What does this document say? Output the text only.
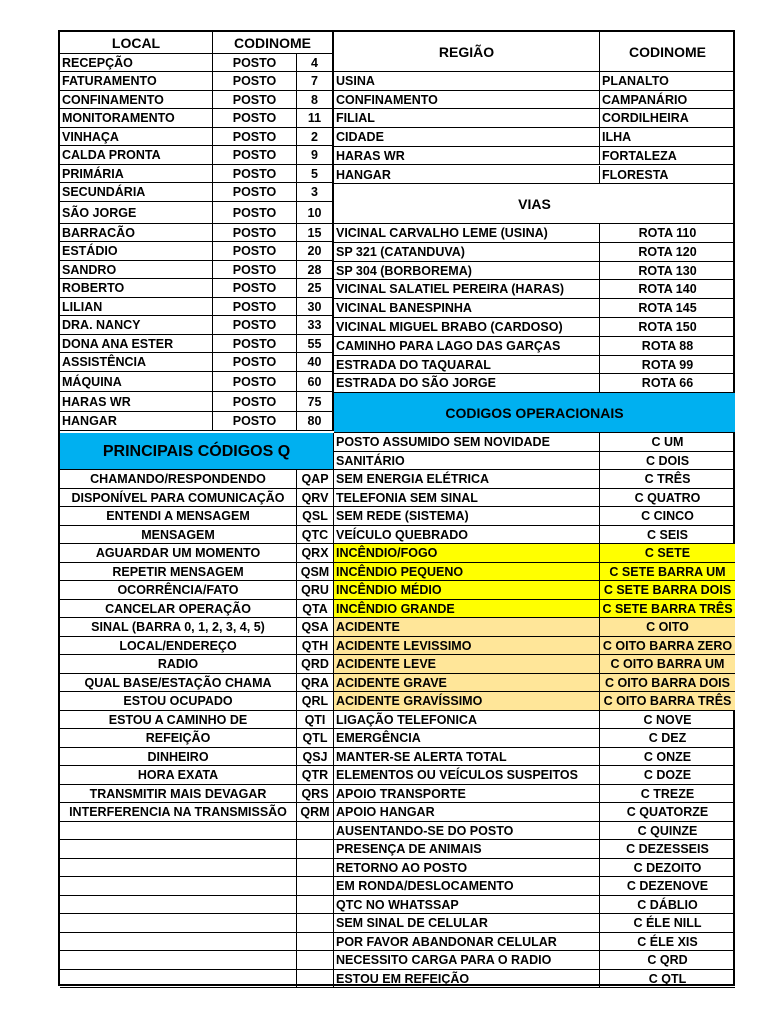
LOCAL	CODINOME
REGIÃO	CODINOME
VIAS
CODIGOS OPERACIONAIS
PRINCIPAIS CÓDIGOS Q
RECEPÇÃO	POSTO	4
FATURAMENTO	POSTO	7
CONFINAMENTO	POSTO	8
MONITORAMENTO	POSTO	11
VINHAÇA	POSTO	2
CALDA PRONTA	POSTO	9
PRIMÁRIA	POSTO	5
SECUNDÁRIA	POSTO	3
SÃO JORGE	POSTO	10
BARRACÃO	POSTO	15
ESTÁDIO	POSTO	20
SANDRO	POSTO	28
ROBERTO	POSTO	25
LILIAN	POSTO	30
DRA. NANCY	POSTO	33
DONA ANA ESTER	POSTO	55
ASSISTÊNCIA	POSTO	40
MÁQUINA	POSTO	60
HARAS WR	POSTO	75
HANGAR	POSTO	80
USINA	PLANALTO
CONFINAMENTO	CAMPANÁRIO
FILIAL	CORDILHEIRA
CIDADE	ILHA
HARAS WR	FORTALEZA
HANGAR	FLORESTA
VICINAL CARVALHO LEME (USINA)	ROTA 110
SP 321 (CATANDUVA)	ROTA 120
SP 304 (BORBOREMA)	ROTA 130
VICINAL SALATIEL PEREIRA (HARAS)	ROTA 140
VICINAL BANESPINHA	ROTA 145
VICINAL MIGUEL BRABO (CARDOSO)	ROTA 150
CAMINHO PARA LAGO DAS GARÇAS	ROTA 88
ESTRADA DO TAQUARAL	ROTA 99
ESTRADA DO SÃO JORGE	ROTA 66
POSTO ASSUMIDO SEM NOVIDADE	C UM
SANITÁRIO	C DOIS
SEM ENERGIA ELÉTRICA	C TRÊS
TELEFONIA SEM SINAL	C QUATRO
SEM REDE (SISTEMA)	C CINCO
VEÍCULO QUEBRADO	C SEIS
INCÊNDIO/FOGO	C SETE
INCÊNDIO PEQUENO	C SETE BARRA UM
INCÊNDIO MÉDIO	C SETE BARRA DOIS
INCÊNDIO GRANDE	C SETE BARRA TRÊS
ACIDENTE	C OITO
ACIDENTE LEVISSIMO	C OITO BARRA ZERO
ACIDENTE LEVE	C OITO BARRA UM
ACIDENTE GRAVE	C OITO BARRA DOIS
ACIDENTE GRAVÍSSIMO	C OITO BARRA TRÊS
LIGAÇÃO TELEFONICA	C NOVE
EMERGÊNCIA	C DEZ
MANTER-SE ALERTA TOTAL	C ONZE
ELEMENTOS OU VEÍCULOS SUSPEITOS	C DOZE
APOIO TRANSPORTE	C TREZE
APOIO HANGAR	C QUATORZE
AUSENTANDO-SE DO POSTO	C QUINZE
PRESENÇA DE ANIMAIS	C DEZESSEIS
RETORNO AO POSTO	C DEZOITO
EM RONDA/DESLOCAMENTO	C DEZENOVE
QTC NO WHATSSAP	C DÁBLIO
SEM SINAL DE CELULAR	C ÉLE NILL
POR FAVOR ABANDONAR CELULAR	C ÉLE XIS
NECESSITO CARGA PARA O RADIO	C QRD
ESTOU EM REFEIÇÃO	C QTL
CHAMANDO/RESPONDENDO	QAP
DISPONÍVEL PARA COMUNICAÇÃO	QRV
ENTENDI A MENSAGEM	QSL
MENSAGEM	QTC
AGUARDAR UM MOMENTO	QRX
REPETIR MENSAGEM	QSM
OCORRÊNCIA/FATO	QRU
CANCELAR OPERAÇÃO	QTA
SINAL (BARRA 0, 1, 2, 3, 4, 5)	QSA
LOCAL/ENDEREÇO	QTH
RADIO	QRD
QUAL BASE/ESTAÇÃO CHAMA	QRA
ESTOU OCUPADO	QRL
ESTOU A CAMINHO DE	QTI
REFEIÇÃO	QTL
DINHEIRO	QSJ
HORA EXATA	QTR
TRANSMITIR MAIS DEVAGAR	QRS
INTERFERENCIA NA TRANSMISSÃO	QRM
